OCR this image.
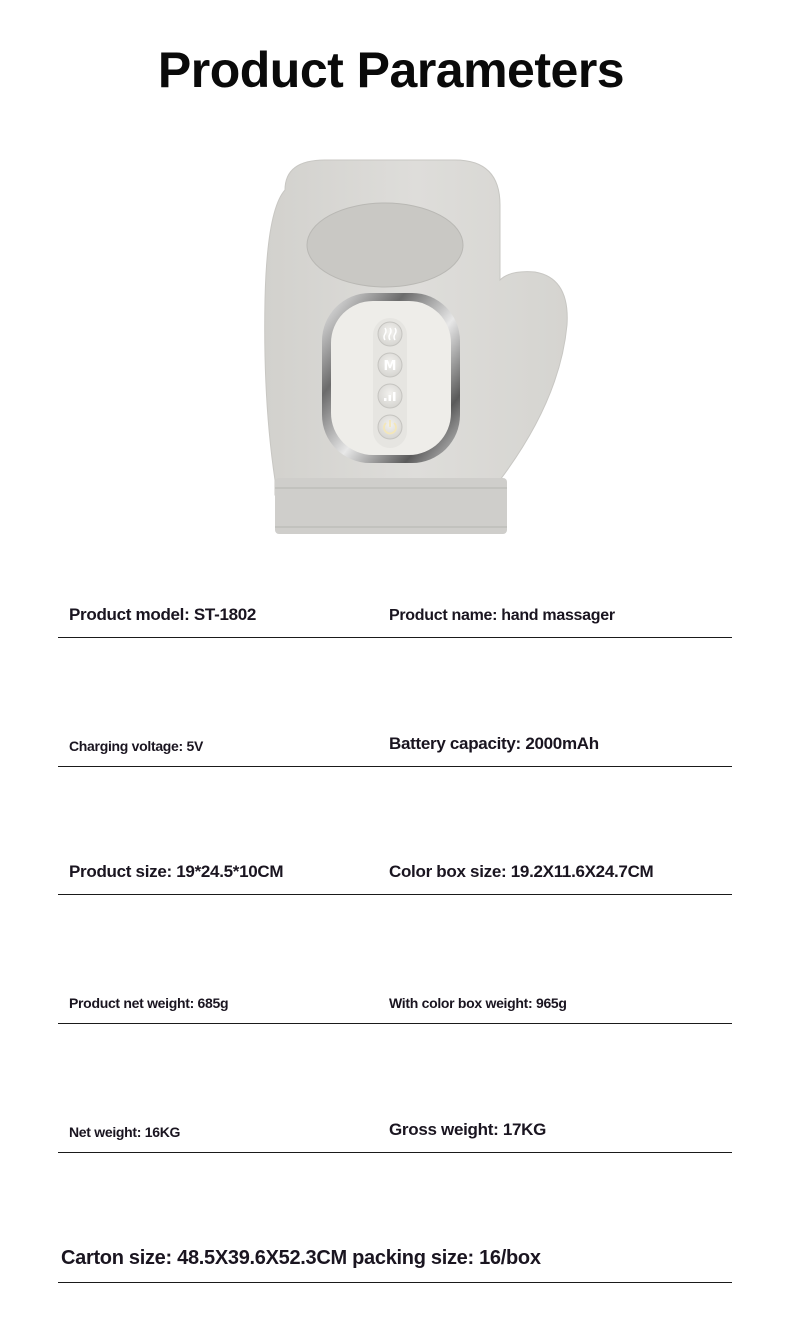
Product Parameters
M
Product model: ST-1802	Product name: hand massager
Charging voltage: 5V	Battery capacity: 2000mAh
Product size: 19*24.5*10CM	Color box size: 19.2X11.6X24.7CM
Product net weight: 685g	With color box weight: 965g
Net weight: 16KG	Gross weight: 17KG
Carton size: 48.5X39.6X52.3CM packing size: 16/box
